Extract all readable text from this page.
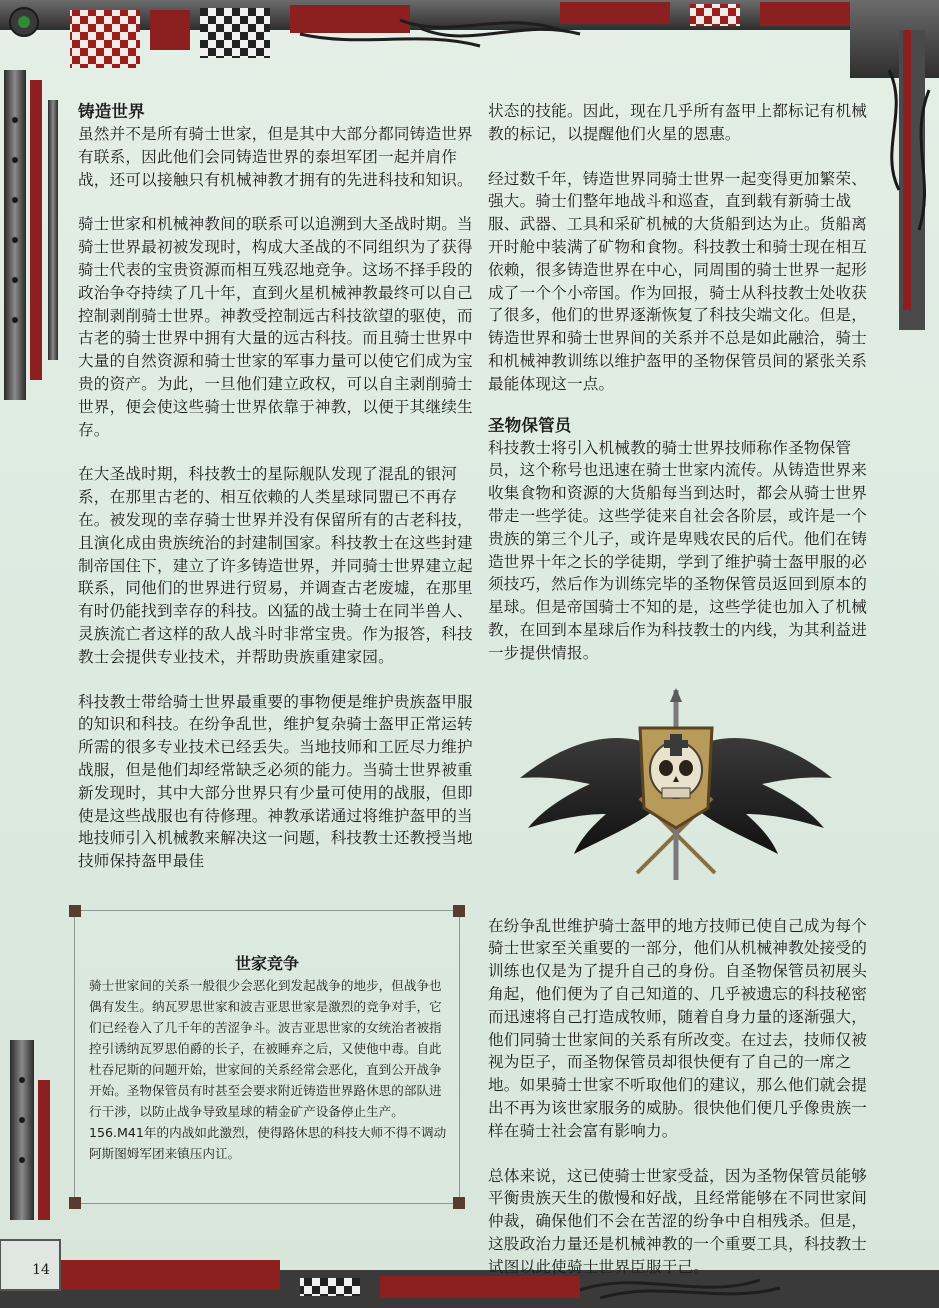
14
铸造世界

虽然并不是所有骑士世家，但是其中大部分都同铸造世界有联系，因此他们会同铸造世界的泰坦军团一起并肩作战，还可以接触只有机械神教才拥有的先进科技和知识。

骑士世家和机械神教间的联系可以追溯到大圣战时期。当骑士世界最初被发现时，构成大圣战的不同组织为了获得骑士代表的宝贵资源而相互残忍地竞争。这场不择手段的政治争夺持续了几十年，直到火星机械神教最终可以自己控制剥削骑士世界。神教受控制远古科技欲望的驱使，而古老的骑士世界中拥有大量的远古科技。而且骑士世界中大量的自然资源和骑士世家的军事力量可以使它们成为宝贵的资产。为此，一旦他们建立政权，可以自主剥削骑士世界，便会使这些骑士世界依靠于神教，以便于其继续生存。

在大圣战时期，科技教士的星际舰队发现了混乱的银河系，在那里古老的、相互依赖的人类星球同盟已不再存在。被发现的幸存骑士世界并没有保留所有的古老科技，且演化成由贵族统治的封建制国家。科技教士在这些封建制帝国住下，建立了许多铸造世界，并同骑士世界建立起联系，同他们的世界进行贸易，并调查古老废墟，在那里有时仍能找到幸存的科技。凶猛的战士骑士在同半兽人、灵族流亡者这样的敌人战斗时非常宝贵。作为报答，科技教士会提供专业技术，并帮助贵族重建家园。

科技教士带给骑士世界最重要的事物便是维护贵族盔甲服的知识和科技。在纷争乱世，维护复杂骑士盔甲正常运转所需的很多专业技术已经丢失。当地技师和工匠尽力维护战服，但是他们却经常缺乏必须的能力。当骑士世界被重新发现时，其中大部分世界只有少量可使用的战服，但即使是这些战服也有待修理。神教承诺通过将维护盔甲的当地技师引入机械教来解决这一问题，科技教士还教授当地技师保持盔甲最佳

世家竞争

骑士世家间的关系一般很少会恶化到发起战争的地步，但战争也偶有发生。纳瓦罗思世家和波吉亚思世家是激烈的竞争对手，它们已经卷入了几千年的苦涩争斗。波吉亚思世家的女统治者被指控引诱纳瓦罗思伯爵的长子，在被睡弃之后，又使他中毒。自此杜吞尼斯的问题开始，世家间的关系经常会恶化，直到公开战争开始。圣物保管员有时甚至会要求附近铸造世界路休思的部队进行干涉，以防止战争导致星球的精金矿产设备停止生产。156.M41年的内战如此激烈，使得路休思的科技大师不得不调动阿斯图姆军团来镇压内讧。

状态的技能。因此，现在几乎所有盔甲上都标记有机械教的标记，以提醒他们火星的恩惠。

经过数千年，铸造世界同骑士世界一起变得更加繁荣、强大。骑士们整年地战斗和巡查，直到载有新骑士战服、武器、工具和采矿机械的大货船到达为止。货船离开时舱中装满了矿物和食物。科技教士和骑士现在相互依赖，很多铸造世界在中心，同周围的骑士世界一起形成了一个个小帝国。作为回报，骑士从科技教士处收获了很多，他们的世界逐渐恢复了科技尖端文化。但是，铸造世界和骑士世界间的关系并不总是如此融洽，骑士和机械神教训练以维护盔甲的圣物保管员间的紧张关系最能体现这一点。

圣物保管员

科技教士将引入机械教的骑士世界技师称作圣物保管员，这个称号也迅速在骑士世家内流传。从铸造世界来收集食物和资源的大货船每当到达时，都会从骑士世界带走一些学徒。这些学徒来自社会各阶层，或许是一个贵族的第三个儿子，或许是卑贱农民的后代。他们在铸造世界十年之长的学徒期，学到了维护骑士盔甲服的必须技巧，然后作为训练完毕的圣物保管员返回到原本的星球。但是帝国骑士不知的是，这些学徒也加入了机械教，在回到本星球后作为科技教士的内线，为其利益进一步提供情报。

在纷争乱世维护骑士盔甲的地方技师已使自己成为每个骑士世家至关重要的一部分，他们从机械神教处接受的训练也仅是为了提升自己的身份。自圣物保管员初展头角起，他们便为了自己知道的、几乎被遗忘的科技秘密而迅速将自己打造成牧师，随着自身力量的逐渐强大，他们同骑士世家间的关系有所改变。在过去，技师仅被视为臣子，而圣物保管员却很快便有了自己的一席之地。如果骑士世家不听取他们的建议，那么他们就会提出不再为该世家服务的威胁。很快他们便几乎像贵族一样在骑士社会富有影响力。

总体来说，这已使骑士世家受益，因为圣物保管员能够平衡贵族天生的傲慢和好战，且经常能够在不同世家间仲裁，确保他们不会在苦涩的纷争中自相残杀。但是，这股政治力量还是机械神教的一个重要工具，科技教士试图以此使骑士世界臣服于己。
